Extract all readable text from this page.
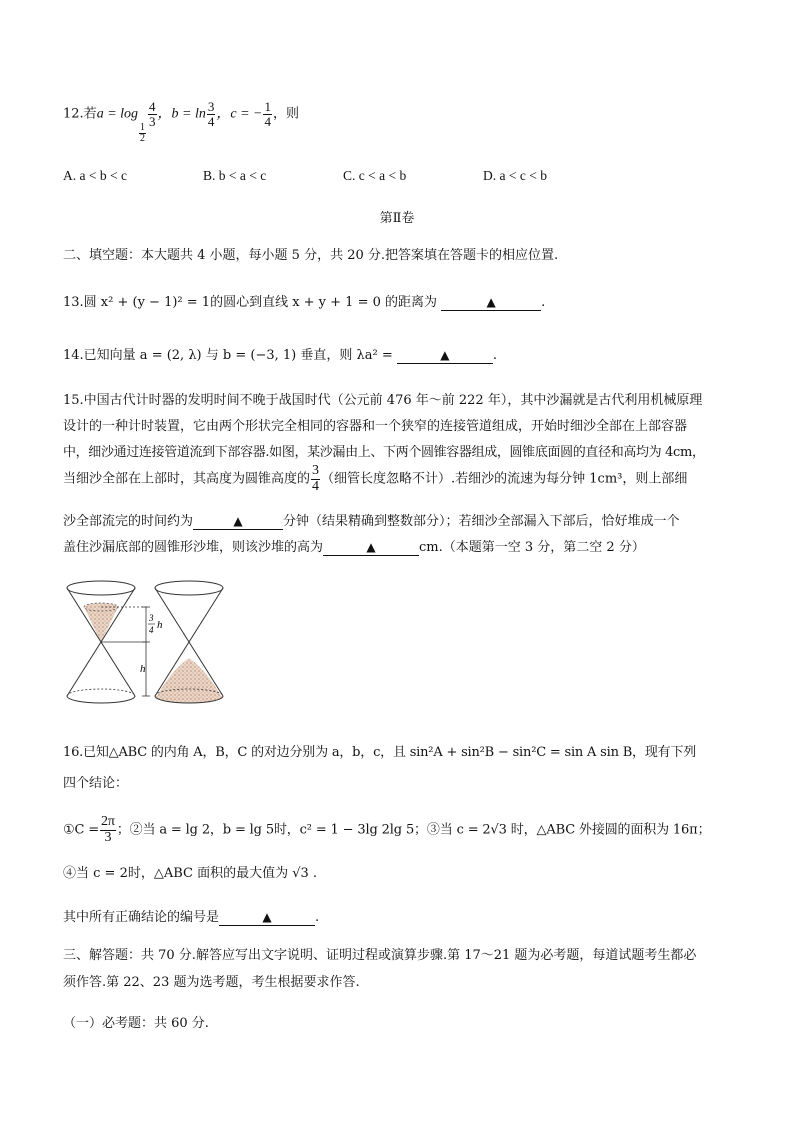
12.若a = log
$\frac{1}{2}$
$\frac{4}{3}$ ，$b = \ln \frac{3}{4}$ ，c = − $\frac{1}{4}$ ，则
A. a < b < c	B. b < a < c	C. c < a < b	D. a < c < b
第Ⅱ卷
二、填空题：本大题共 4 小题，每小题 5 分，共 20 分.把答案填在答题卡的相应位置.
13.圆 x² + (y − 1)² = 1的圆心到直线 x + y + 1 = 0 的距离为	▲	.
14.已知向量 a = (2, λ) 与 b = (−3, 1) 垂直，则 λa² =	▲	.
15.中国古代计时器的发明时间不晚于战国时代（公元前 476 年～前 222 年），其中沙漏就是古代利用机械原理
设计的一种计时装置，它由两个形状完全相同的容器和一个狭窄的连接管道组成，开始时细沙全部在上部容器
中，细沙通过连接管道流到下部容器.如图，某沙漏由上、下两个圆锥容器组成，圆锥底面圆的直径和高均为 4cm，
当细沙全部在上部时，其高度为圆锥高度的 $\frac{3}{4}$ （细管长度忽略不计）.若细沙的流速为每分钟 1cm³，则上部细
沙全部流完的时间约为	▲	分钟（结果精确到整数部分）；若细沙全部漏入下部后，恰好堆成一个
盖住沙漏底部的圆锥形沙堆，则该沙堆的高为	▲	cm.（本题第一空 3 分，第二空 2 分）
3
4 h
h
16.已知△ABC 的内角 A，B，C 的对边分别为 a，b，c，且 sin²A + sin²B − sin²C = sin A sin B，现有下列
四个结论：
①C = $\frac{2\pi}{3}$ ；②当 a = lg 2，b = lg 5时，c² = 1 − 3lg 2lg 5；③当 c = 2√3 时，△ABC 外接圆的面积为 16π；
④当 c = 2时，△ABC 面积的最大值为 √3 .
其中所有正确结论的编号是	▲	.
三、解答题：共 70 分.解答应写出文字说明、证明过程或演算步骤.第 17～21 题为必考题，每道试题考生都必
须作答.第 22、23 题为选考题，考生根据要求作答.
（一）必考题：共 60 分.
